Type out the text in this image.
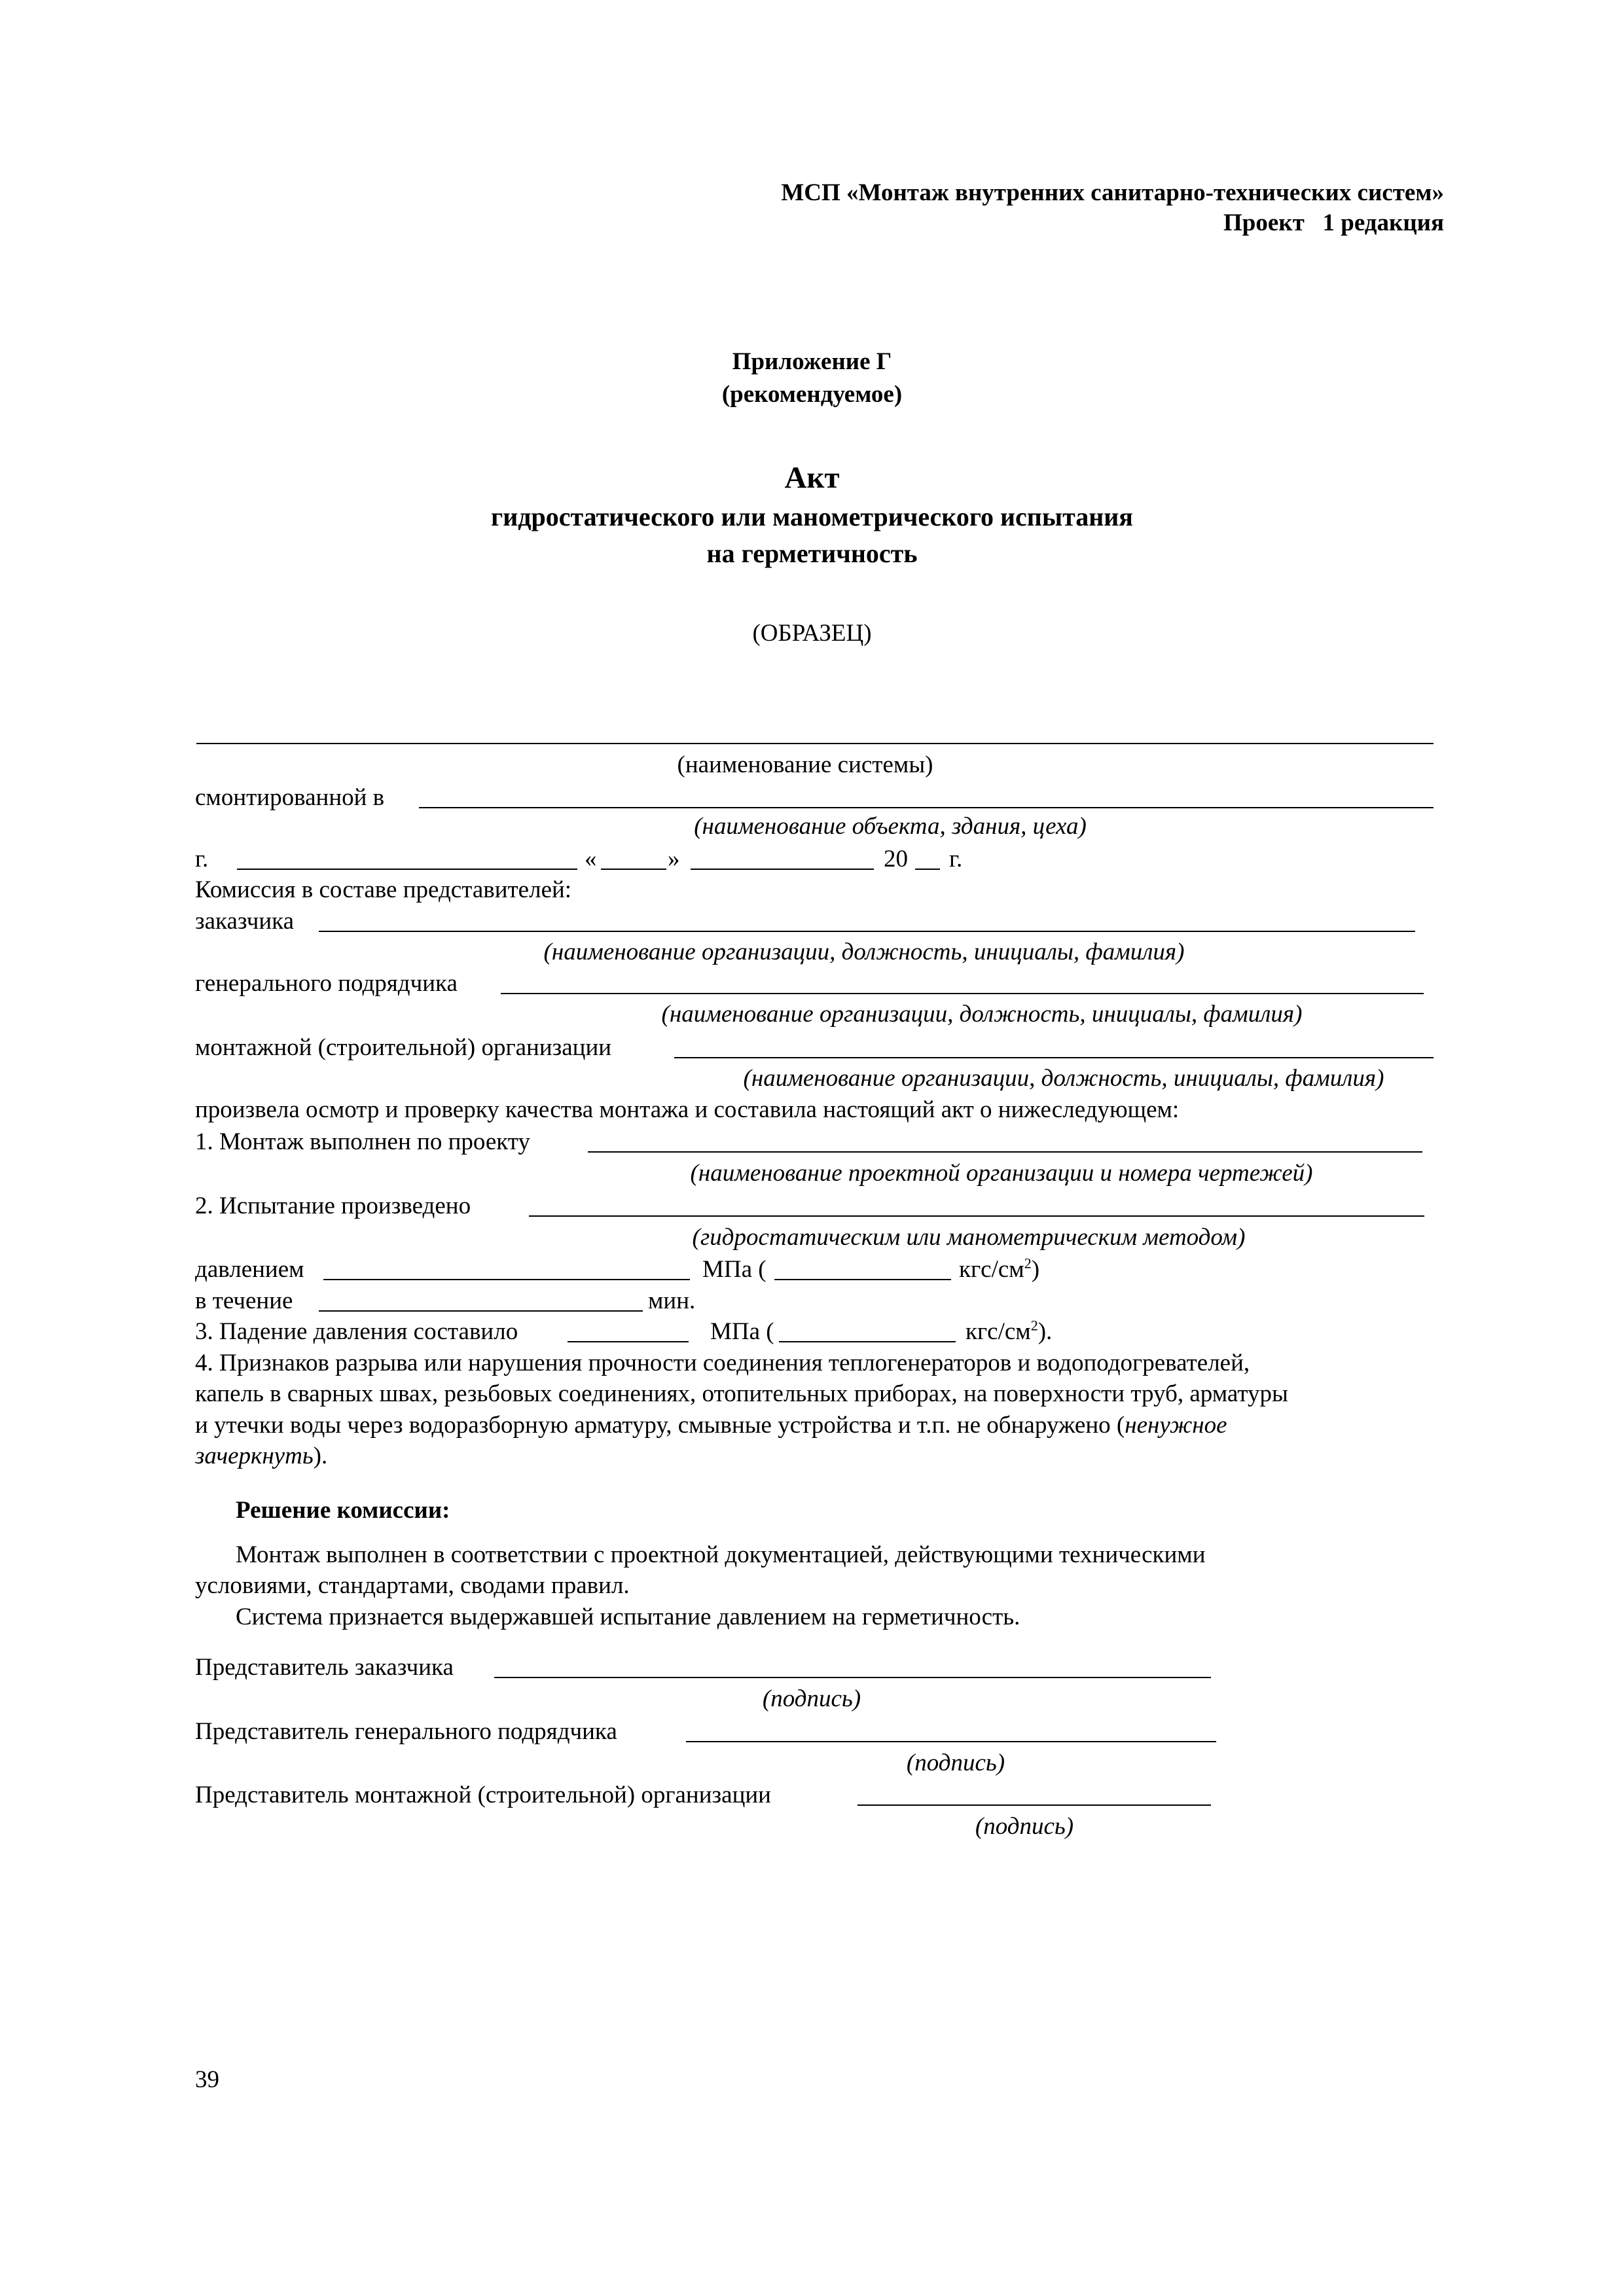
МСП «Монтаж внутренних санитарно-технических систем»
Проект   1 редакция
Приложение Г
(рекомендуемое)
Акт
гидростатического или манометрического испытания
на герметичность
(ОБРАЗЕЦ)
(наименование системы)
смонтированной в
(наименование объекта, здания, цеха)
г.	«	»	20 г.
Комиссия в составе представителей:
заказчика
(наименование организации, должность, инициалы, фамилия)
генерального подрядчика
(наименование организации, должность, инициалы, фамилия)
монтажной (строительной) организации
(наименование организации, должность, инициалы, фамилия)
произвела осмотр и проверку качества монтажа и составила настоящий акт о нижеследующем:
1. Монтаж выполнен по проекту
(наименование проектной организации и номера чертежей)
2. Испытание произведено
(гидростатическим или манометрическим методом)
давлением	МПа (	кгс/$см^2$)
в течение	мин.
3. Падение давления составило	МПа (	кгс/$см^2$).
4. Признаков разрыва или нарушения прочности соединения теплогенераторов и водоподогревателей,
капель в сварных швах, резьбовых соединениях, отопительных приборах, на поверхности труб, арматуры
и утечки воды через водоразборную арматуру, смывные устройства и т.п. не обнаружено (ненужное
зачеркнуть).
Решение комиссии:
Монтаж выполнен в соответствии с проектной документацией, действующими техническими
условиями, стандартами, сводами правил.
Система признается выдержавшей испытание давлением на герметичность.
Представитель заказчика
(подпись)
Представитель генерального подрядчика
(подпись)
Представитель монтажной (строительной) организации
(подпись)
39
